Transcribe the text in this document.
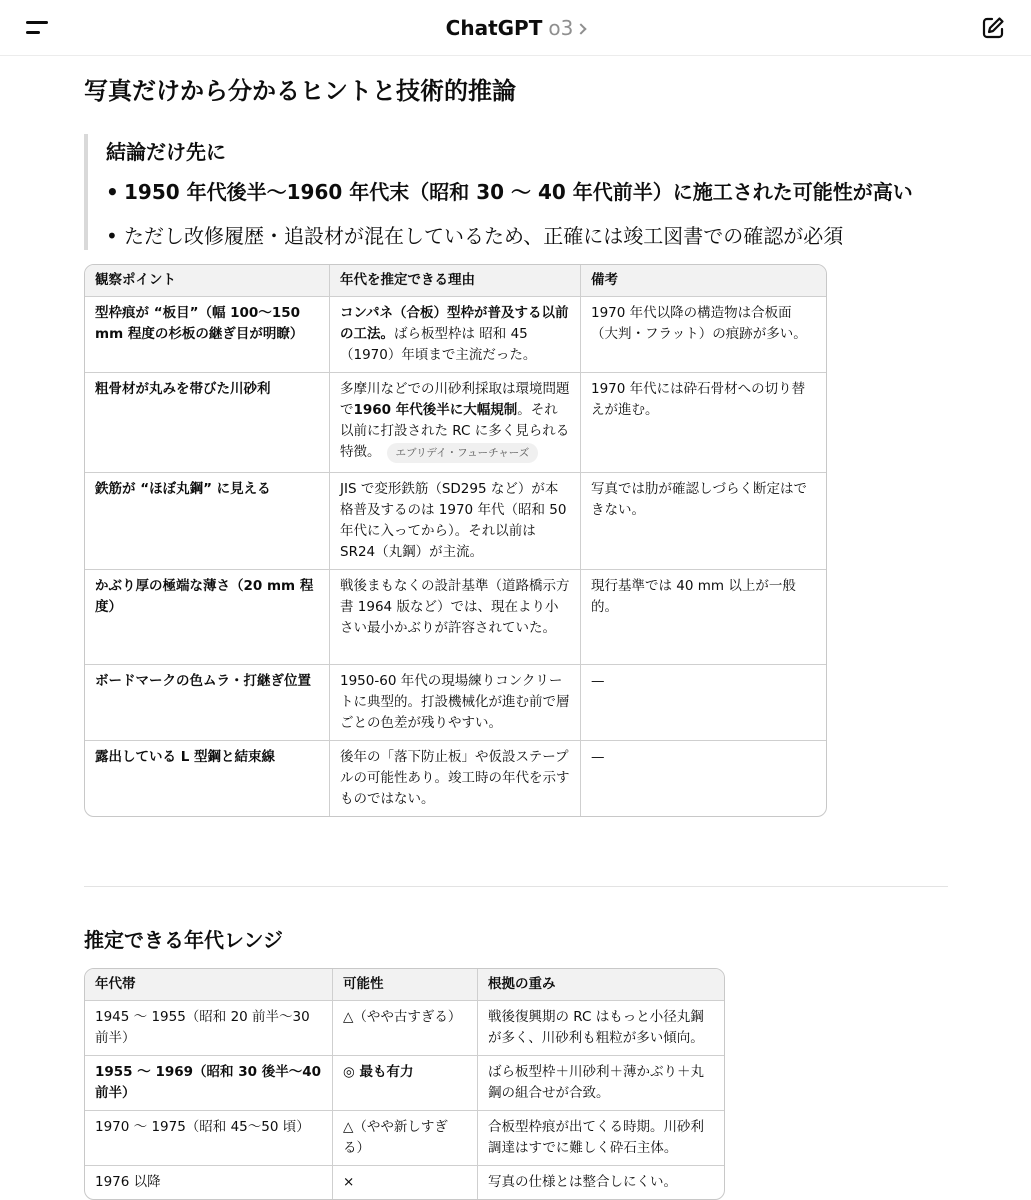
ChatGPT o3
写真だけから分かるヒントと技術的推論
結論だけ先に
• 1950 年代後半〜1960 年代末（昭和 30 〜 40 年代前半）に施工された可能性が高い
• ただし改修履歴・追設材が混在しているため、正確には竣工図書での確認が必須
観察ポイント	年代を推定できる理由	備考
型枠痕が “板目”（幅 100〜150 mm 程度の杉板の継ぎ目が明瞭）	コンパネ（合板）型枠が普及する以前の工法。ばら板型枠は 昭和 45（1970）年頃まで主流だった。	1970 年代以降の構造物は合板面（大判・フラット）の痕跡が多い。
粗骨材が丸みを帯びた川砂利	多摩川などでの川砂利採取は環境問題で1960 年代後半に大幅規制。それ以前に打設された RC に多く見られる特徴。 エブリデイ・フューチャーズ	1970 年代には砕石骨材への切り替えが進む。
鉄筋が “ほぼ丸鋼” に見える	JIS で変形鉄筋（SD295 など）が本格普及するのは 1970 年代（昭和 50 年代に入ってから）。それ以前は SR24（丸鋼）が主流。	写真では肋が確認しづらく断定はできない。
かぶり厚の極端な薄さ（20 mm 程度）	戦後まもなくの設計基準（道路橋示方書 1964 版など）では、現在より小さい最小かぶりが許容されていた。	現行基準では 40 mm 以上が一般的。
ボードマークの色ムラ・打継ぎ位置	1950-60 年代の現場練りコンクリートに典型的。打設機械化が進む前で層ごとの色差が残りやすい。	—
露出している L 型鋼と結束線	後年の「落下防止板」や仮設ステープルの可能性あり。竣工時の年代を示すものではない。	—
推定できる年代レンジ
年代帯	可能性	根拠の重み
1945 〜 1955（昭和 20 前半〜30 前半）	△（やや古すぎる）	戦後復興期の RC はもっと小径丸鋼が多く、川砂利も粗粒が多い傾向。
1955 〜 1969（昭和 30 後半〜40 前半）	◎ 最も有力	ばら板型枠＋川砂利＋薄かぶり＋丸鋼の組合せが合致。
1970 〜 1975（昭和 45〜50 頃）	△（やや新しすぎる）	合板型枠痕が出てくる時期。川砂利調達はすでに難しく砕石主体。
1976 以降	×	写真の仕様とは整合しにくい。
